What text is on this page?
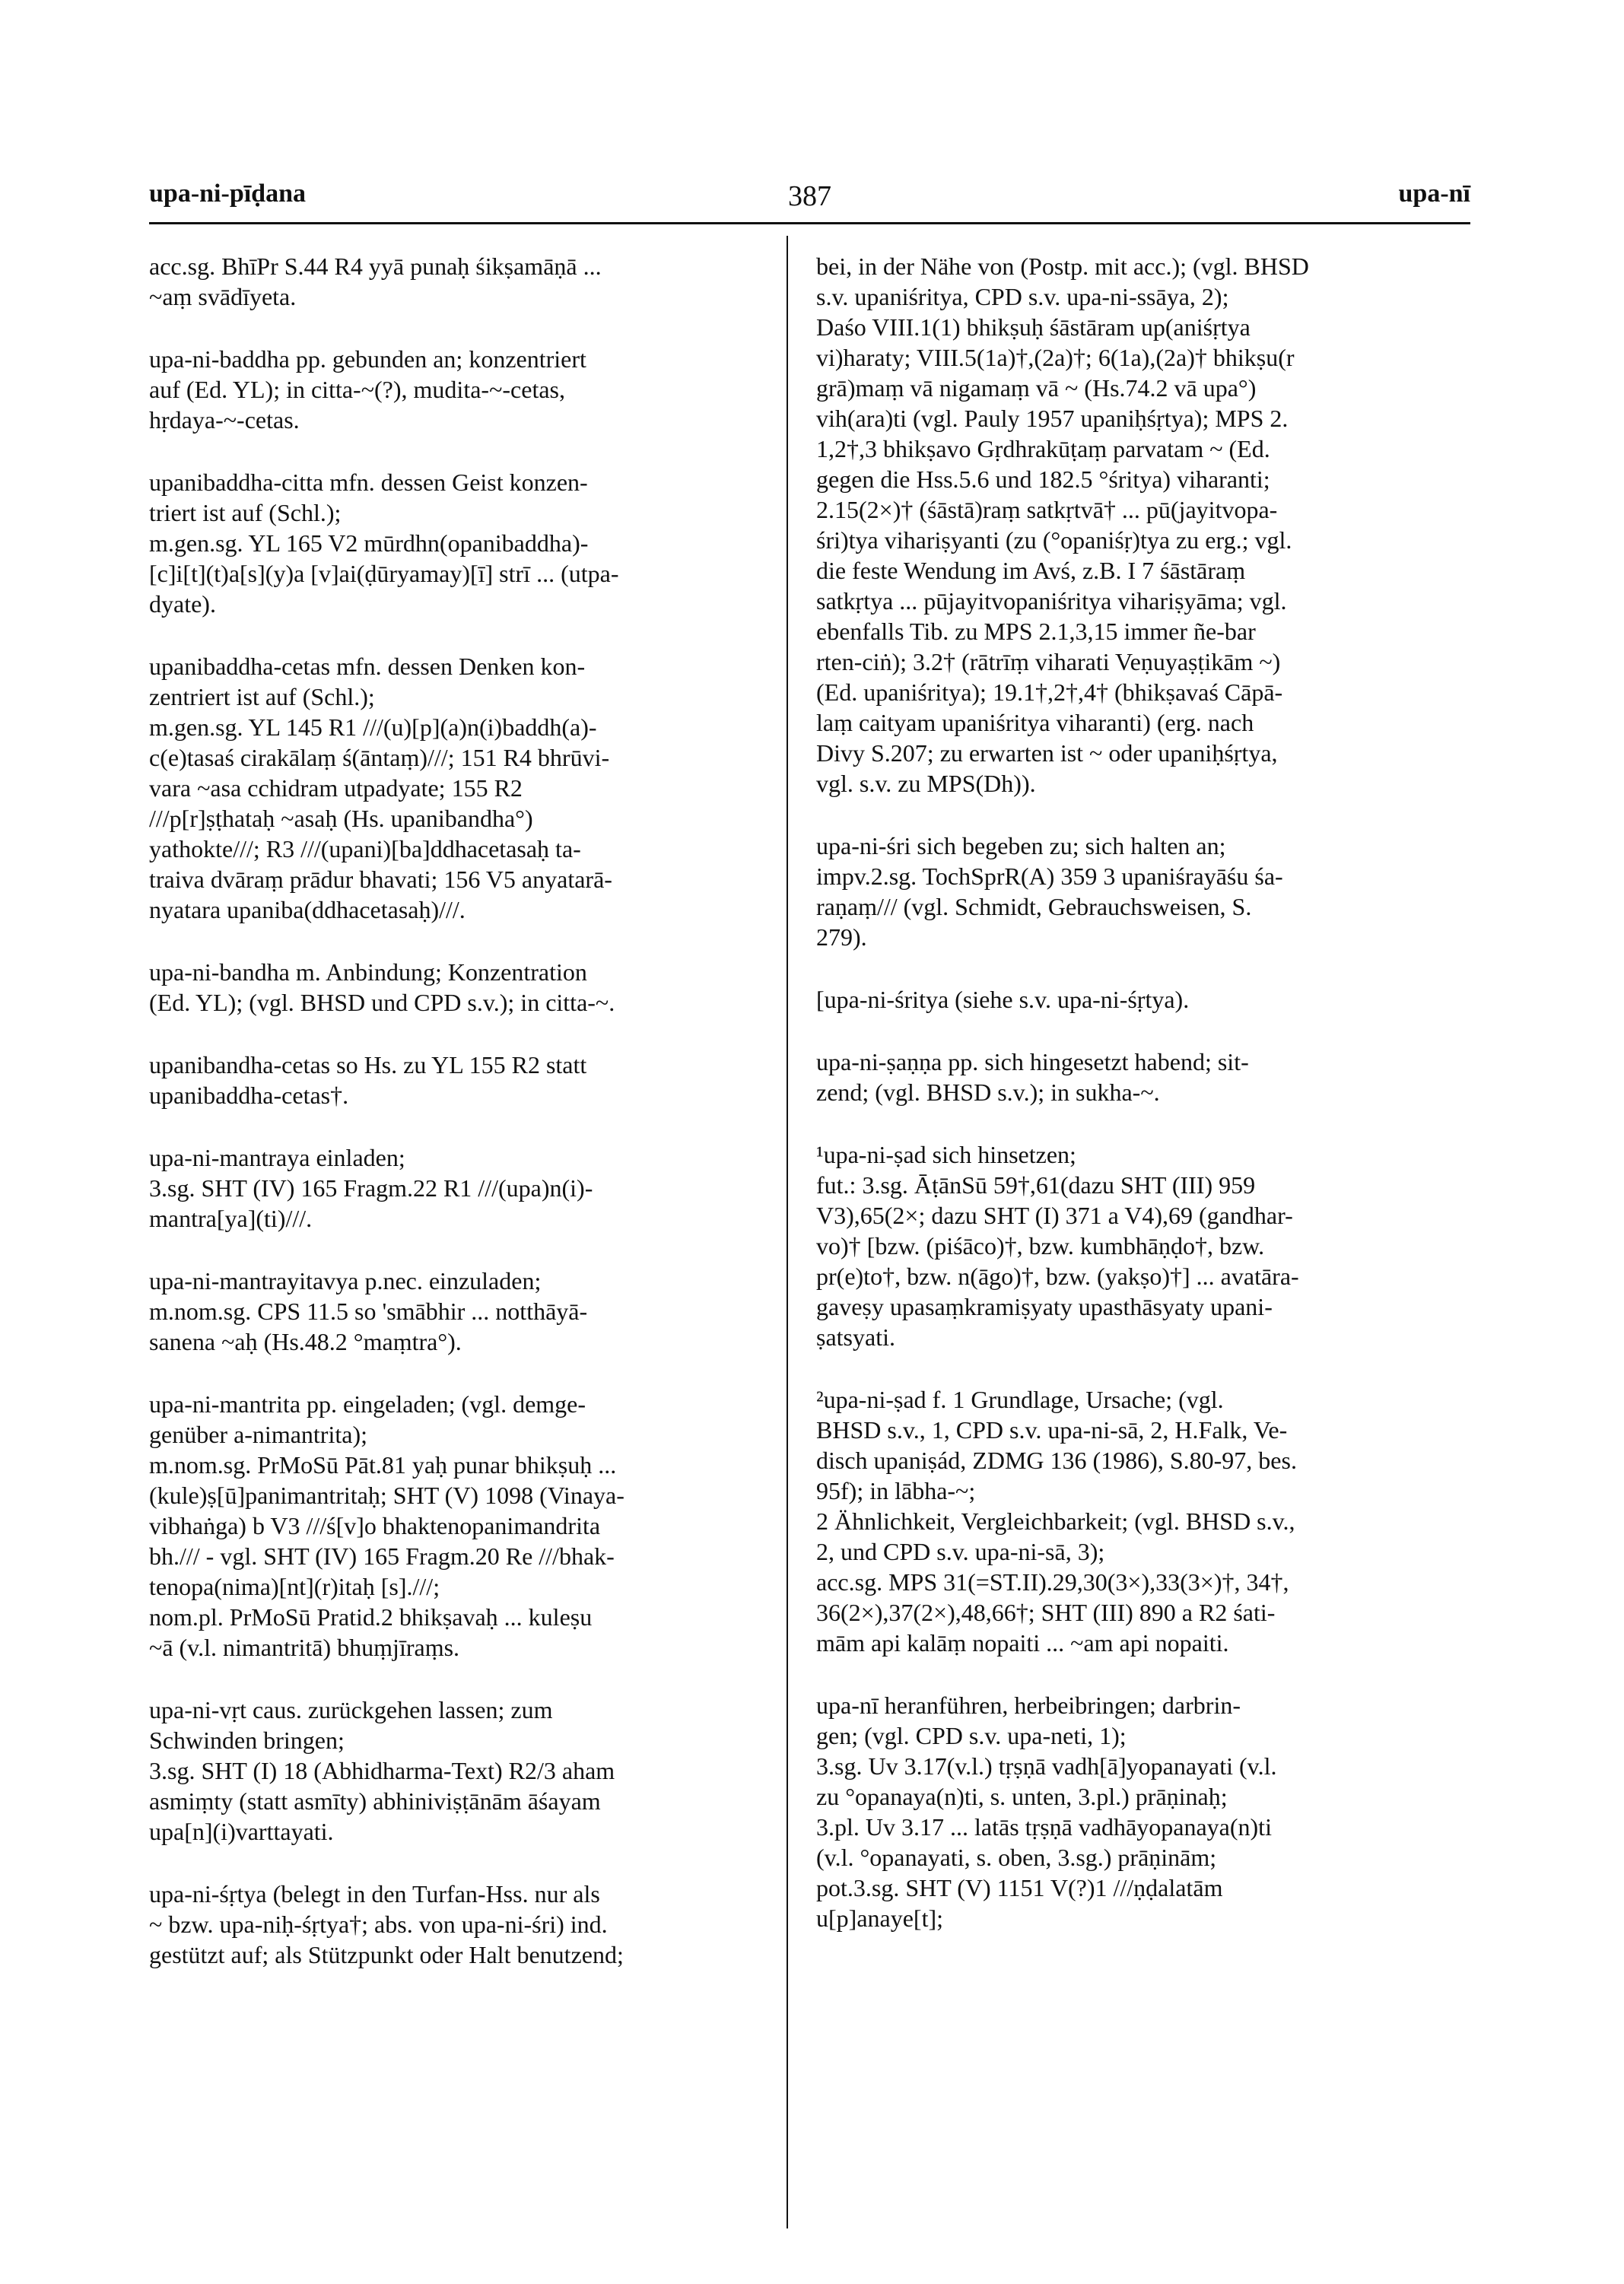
upa-ni-pīḍana	387	upa-nī
acc.sg. BhīPr S.44 R4 yyā punaḥ śikṣamāṇā ...
~aṃ svādīyeta.
upa-ni-baddha pp. gebunden an; konzentriert
auf (Ed. YL); in citta-~(?), mudita-~-cetas,
hṛdaya-~-cetas.
upanibaddha-citta mfn. dessen Geist konzen-
triert ist auf (Schl.);
m.gen.sg. YL 165 V2 mūrdhn(opanibaddha)-
[c]i[t](t)a[s](y)a [v]ai(ḍūryamay)[ī] strī ... (utpa-
dyate).
upanibaddha-cetas mfn. dessen Denken kon-
zentriert ist auf (Schl.);
m.gen.sg. YL 145 R1 ///(u)[p](a)n(i)baddh(a)-
c(e)tasaś cirakālaṃ ś(āntaṃ)///; 151 R4 bhrūvi-
vara ~asa cchidram utpadyate; 155 R2
///p[r]ṣṭhataḥ ~asaḥ (Hs. upanibandha°)
yathokte///; R3 ///(upani)[ba]ddhacetasaḥ ta-
traiva dvāraṃ prādur bhavati; 156 V5 anyatarā-
nyatara upaniba(ddhacetasaḥ)///.
upa-ni-bandha m. Anbindung; Konzentration
(Ed. YL); (vgl. BHSD und CPD s.v.); in citta-~.
upanibandha-cetas so Hs. zu YL 155 R2 statt
upanibaddha-cetas†.
upa-ni-mantraya einladen;
3.sg. SHT (IV) 165 Fragm.22 R1 ///(upa)n(i)-
mantra[ya](ti)///.
upa-ni-mantrayitavya p.nec. einzuladen;
m.nom.sg. CPS 11.5 so 'smābhir ... notthāyā-
sanena ~aḥ (Hs.48.2 °maṃtra°).
upa-ni-mantrita pp. eingeladen; (vgl. demge-
genüber a-nimantrita);
m.nom.sg. PrMoSū Pāt.81 yaḥ punar bhikṣuḥ ...
(kule)ṣ[ū]panimantritaḥ; SHT (V) 1098 (Vinaya-
vibhaṅga) b V3 ///ś[v]o bhaktenopanimandrita
bh./// - vgl. SHT (IV) 165 Fragm.20 Re ///bhak-
tenopa(nima)[nt](r)itaḥ [s].///;
nom.pl. PrMoSū Pratid.2 bhikṣavaḥ ... kuleṣu
~ā (v.l. nimantritā) bhuṃjīraṃs.
upa-ni-vṛt caus. zurückgehen lassen; zum
Schwinden bringen;
3.sg. SHT (I) 18 (Abhidharma-Text) R2/3 aham
asmiṃty (statt asmīty) abhiniviṣṭānām āśayam
upa[n](i)varttayati.
upa-ni-śṛtya (belegt in den Turfan-Hss. nur als
~ bzw. upa-niḥ-śṛtya†; abs. von upa-ni-śri) ind.
gestützt auf; als Stützpunkt oder Halt benutzend;
bei, in der Nähe von (Postp. mit acc.); (vgl. BHSD
s.v. upaniśritya, CPD s.v. upa-ni-ssāya, 2);
Daśo VIII.1(1) bhikṣuḥ śāstāram up(aniśṛtya
vi)haraty; VIII.5(1a)†,(2a)†; 6(1a),(2a)† bhikṣu(r
grā)maṃ vā nigamaṃ vā ~ (Hs.74.2 vā upa°)
vih(ara)ti (vgl. Pauly 1957 upaniḥśṛtya); MPS 2.
1,2†,3 bhikṣavo Gṛdhrakūṭaṃ parvatam ~ (Ed.
gegen die Hss.5.6 und 182.5 °śritya) viharanti;
2.15(2×)† (śāstā)raṃ satkṛtvā† ... pū(jayitvopa-
śri)tya vihariṣyanti (zu (°opaniśṛ)tya zu erg.; vgl.
die feste Wendung im Avś, z.B. I 7 śāstāraṃ
satkṛtya ... pūjayitvopaniśritya vihariṣyāma; vgl.
ebenfalls Tib. zu MPS 2.1,3,15 immer ñe-bar
rten-ciṅ); 3.2† (rātrīṃ viharati Veṇuyaṣṭikām ~)
(Ed. upaniśritya); 19.1†,2†,4† (bhikṣavaś Cāpā-
laṃ caityam upaniśritya viharanti) (erg. nach
Divy S.207; zu erwarten ist ~ oder upaniḥśṛtya,
vgl. s.v. zu MPS(Dh)).
upa-ni-śri sich begeben zu; sich halten an;
impv.2.sg. TochSprR(A) 359 3 upaniśrayāśu śa-
raṇaṃ/// (vgl. Schmidt, Gebrauchsweisen, S.
279).
[upa-ni-śritya (siehe s.v. upa-ni-śṛtya).
upa-ni-ṣaṇṇa pp. sich hingesetzt habend; sit-
zend; (vgl. BHSD s.v.); in sukha-~.
¹upa-ni-ṣad sich hinsetzen;
fut.: 3.sg. ĀṭānSū 59†,61(dazu SHT (III) 959
V3),65(2×; dazu SHT (I) 371 a V4),69 (gandhar-
vo)† [bzw. (piśāco)†, bzw. kumbhāṇḍo†, bzw.
pr(e)to†, bzw. n(āgo)†, bzw. (yakṣo)†] ... avatāra-
gaveṣy upasaṃkramiṣyaty upasthāsyaty upani-
ṣatsyati.
²upa-ni-ṣad f. 1 Grundlage, Ursache; (vgl.
BHSD s.v., 1, CPD s.v. upa-ni-sā, 2, H.Falk, Ve-
disch upaniṣád, ZDMG 136 (1986), S.80-97, bes.
95f); in lābha-~;
2 Ähnlichkeit, Vergleichbarkeit; (vgl. BHSD s.v.,
2, und CPD s.v. upa-ni-sā, 3);
acc.sg. MPS 31(=ST.II).29,30(3×),33(3×)†, 34†,
36(2×),37(2×),48,66†; SHT (III) 890 a R2 śati-
mām api kalāṃ nopaiti ... ~am api nopaiti.
upa-nī heranführen, herbeibringen; darbrin-
gen; (vgl. CPD s.v. upa-neti, 1);
3.sg. Uv 3.17(v.l.) tṛṣṇā vadh[ā]yopanayati (v.l.
zu °opanaya(n)ti, s. unten, 3.pl.) prāṇinaḥ;
3.pl. Uv 3.17 ... latās tṛṣṇā vadhāyopanaya(n)ti
(v.l. °opanayati, s. oben, 3.sg.) prāṇinām;
pot.3.sg. SHT (V) 1151 V(?)1 ///ṇḍalatām
u[p]anaye[t];
